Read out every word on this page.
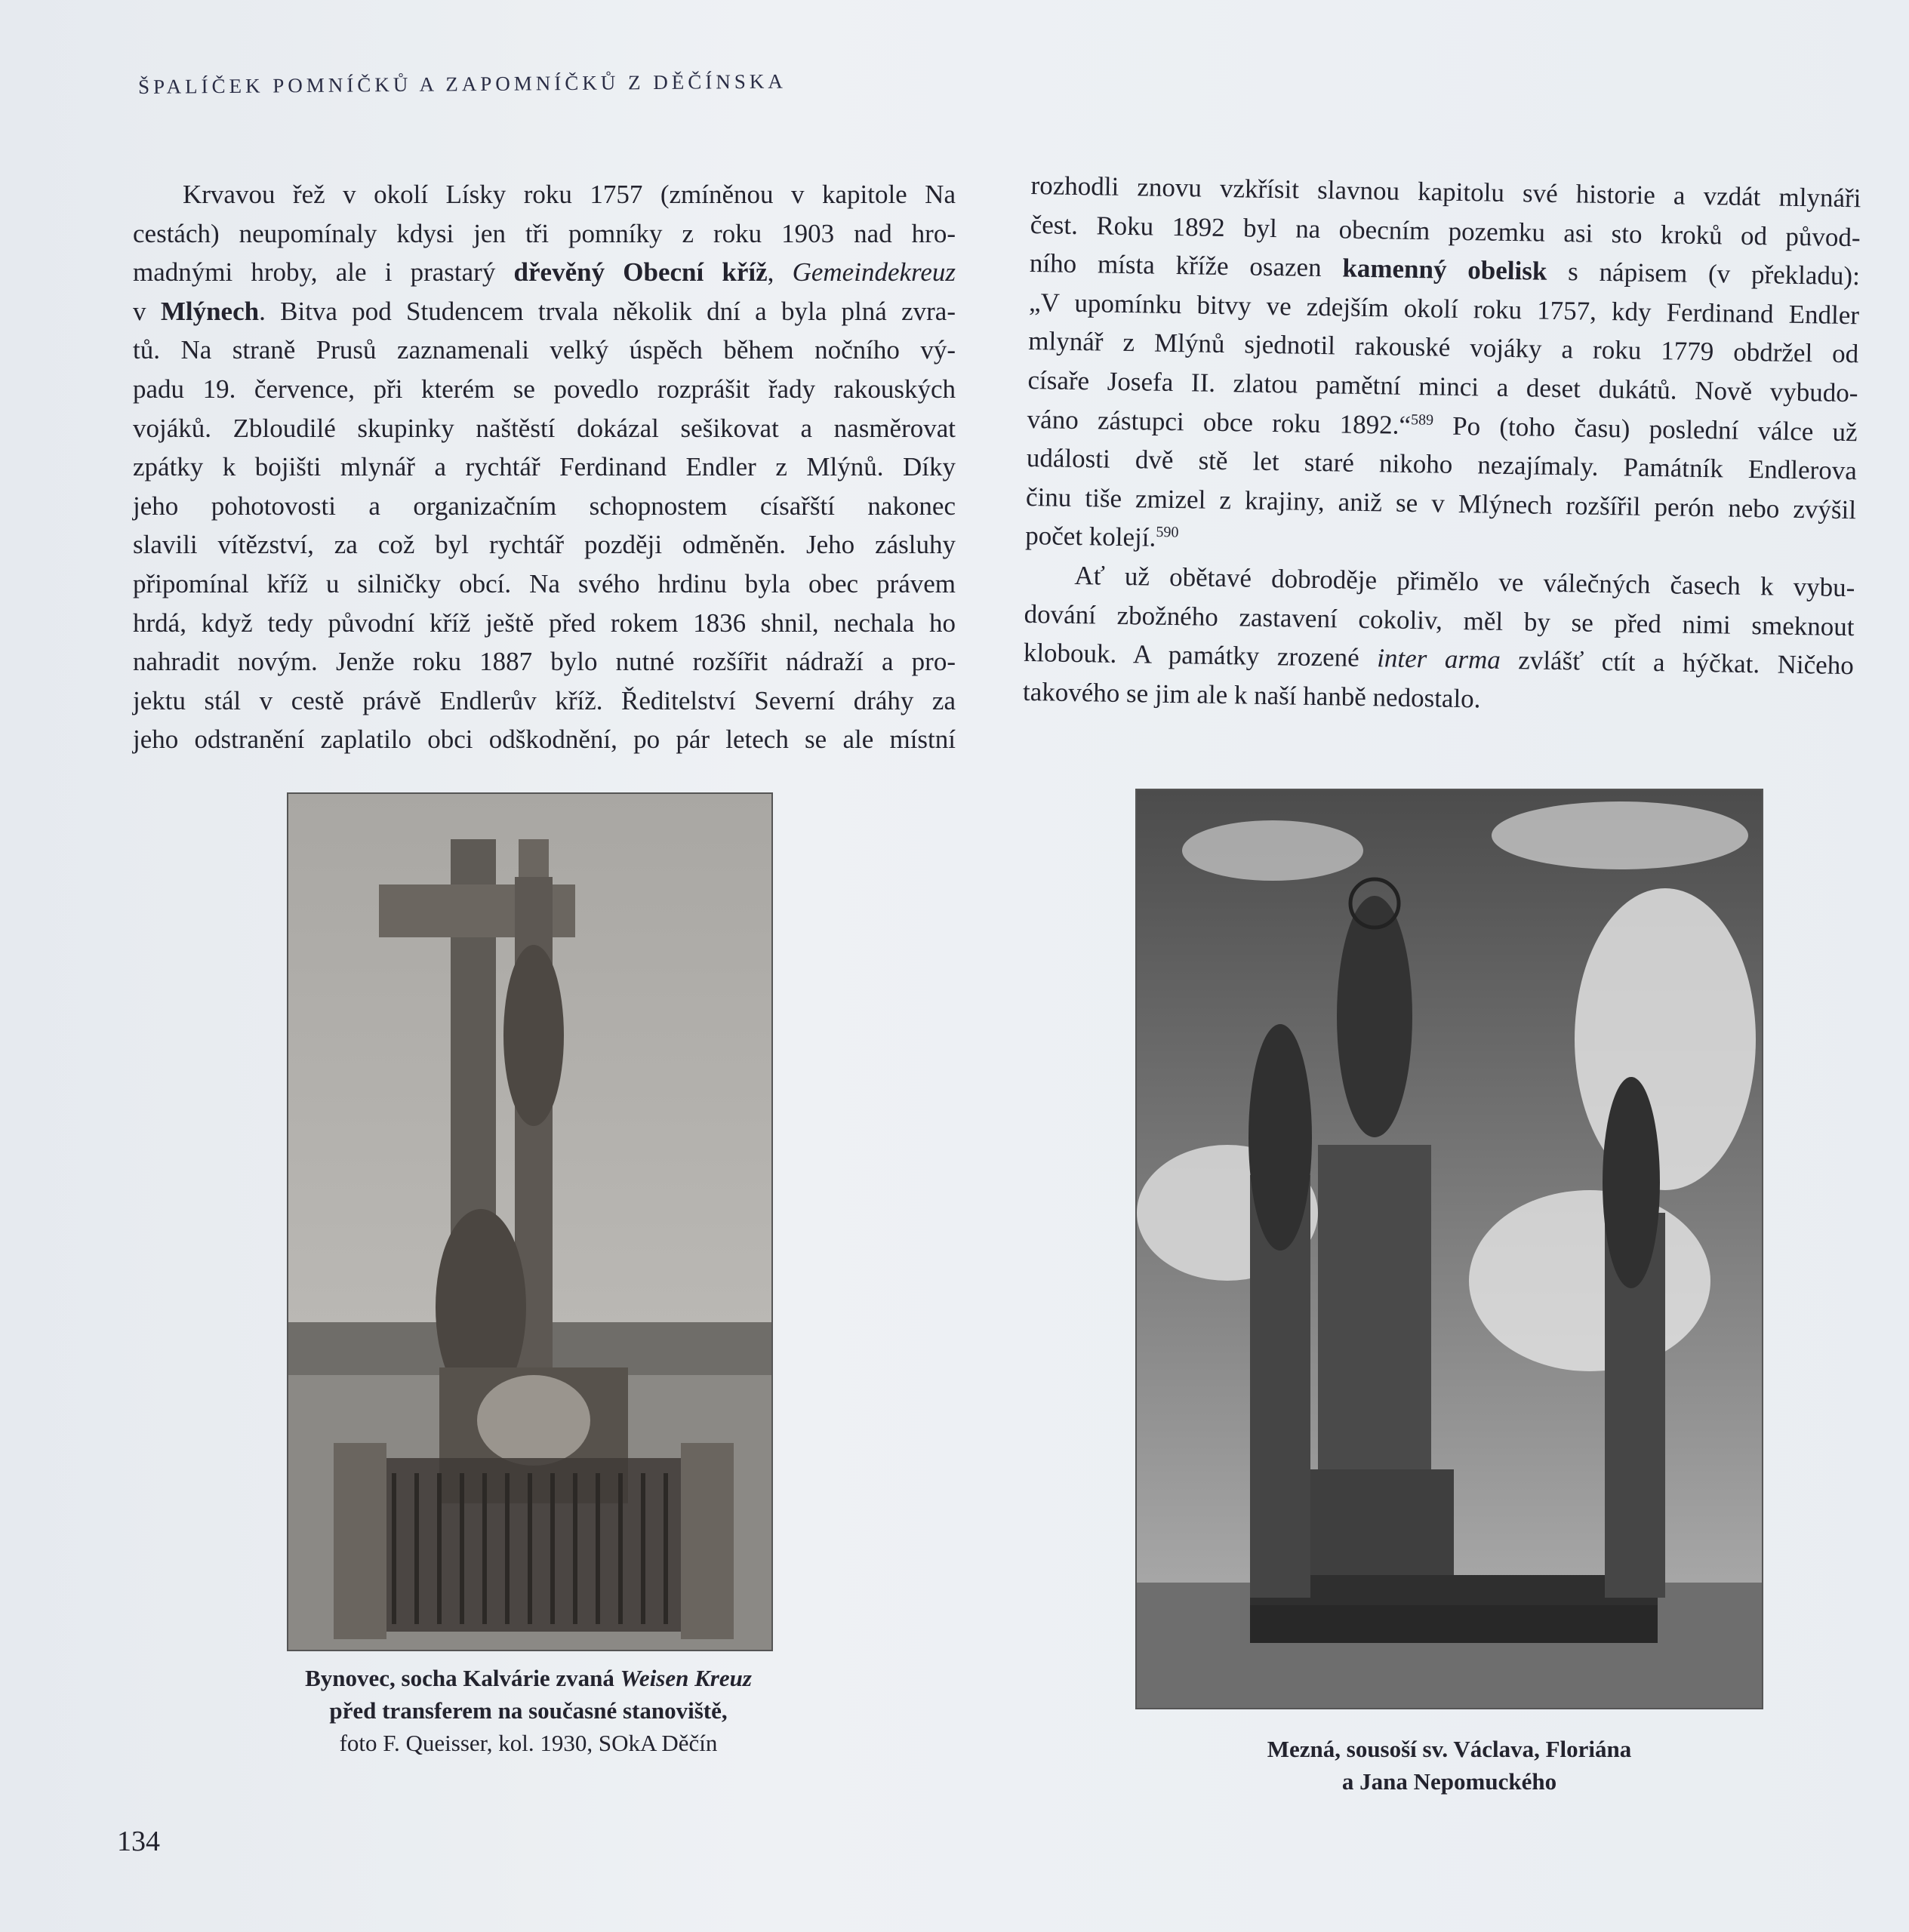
ŠPALÍČEK POMNÍČKŮ A ZAPOMNÍČKŮ Z DĚČÍNSKA
Krvavou řež v okolí Lísky roku 1757 (zmíněnou v kapitole Na
cestách) neupomínaly kdysi jen tři pomníky z roku 1903 nad hro-
madnými hroby, ale i prastarý dřevěný Obecní kříž, Gemeindekreuz
v Mlýnech. Bitva pod Studencem trvala několik dní a byla plná zvra-
tů. Na straně Prusů zaznamenali velký úspěch během nočního vý-
padu 19. července, při kterém se povedlo rozprášit řady rakouských
vojáků. Zbloudilé skupinky naštěstí dokázal sešikovat a nasměrovat
zpátky k bojišti mlynář a rychtář Ferdinand Endler z Mlýnů. Díky
jeho pohotovosti a organizačním schopnostem císařští nakonec
slavili vítězství, za což byl rychtář později odměněn. Jeho zásluhy
připomínal kříž u silničky obcí. Na svého hrdinu byla obec právem
hrdá, když tedy původní kříž ještě před rokem 1836 shnil, nechala ho
nahradit novým. Jenže roku 1887 bylo nutné rozšířit nádraží a pro-
jektu stál v cestě právě Endlerův kříž. Ředitelství Severní dráhy za
jeho odstranění zaplatilo obci odškodnění, po pár letech se ale místní
rozhodli znovu vzkřísit slavnou kapitolu své historie a vzdát mlynáři
čest. Roku 1892 byl na obecním pozemku asi sto kroků od původ-
ního místa kříže osazen kamenný obelisk s nápisem (v překladu):
„V upomínku bitvy ve zdejším okolí roku 1757, kdy Ferdinand Endler
mlynář z Mlýnů sjednotil rakouské vojáky a roku 1779 obdržel od
císaře Josefa II. zlatou pamětní minci a deset dukátů. Nově vybudo-
váno zástupci obce roku 1892.“$^{589}$ Po (toho času) poslední válce už
události dvě stě let staré nikoho nezajímaly. Památník Endlerova
činu tiše zmizel z krajiny, aniž se v Mlýnech rozšířil perón nebo zvýšil
počet kolejí.$^{590}$
Ať už obětavé dobroděje přimělo ve válečných časech k vybu-
dování zbožného zastavení cokoliv, měl by se před nimi smeknout
klobouk. A památky zrozené inter arma zvlášť ctít a hýčkat. Ničeho
takového se jim ale k naší hanbě nedostalo.
Bynovec, socha Kalvárie zvaná Weisen Kreuz
před transferem na současné stanoviště,
foto F. Queisser, kol. 1930, SOkA Děčín	Mezná, sousoší sv. Václava, Floriána
a Jana Nepomuckého
134
